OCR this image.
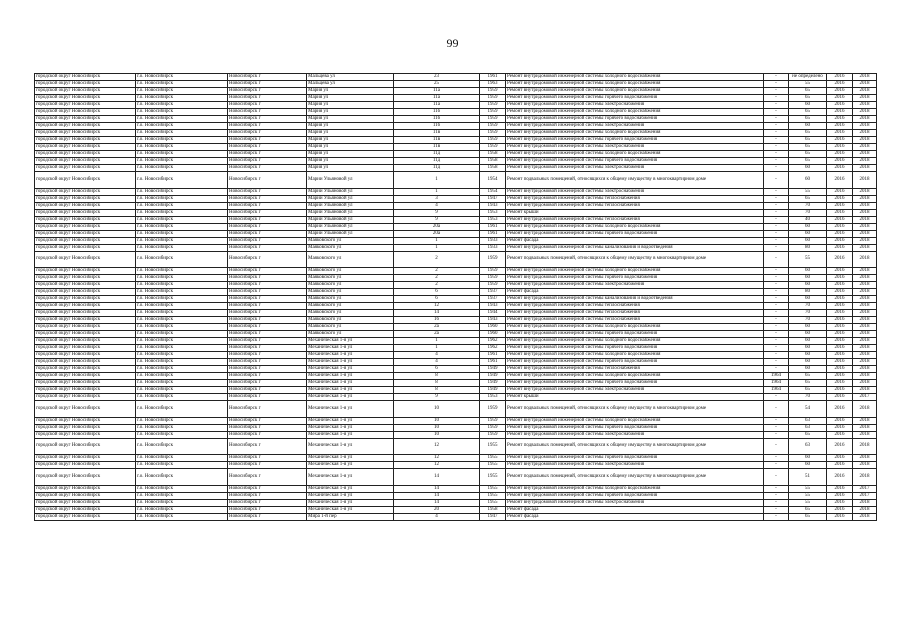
99
городской округ Новосибирск	г.о. Новосибирск	Новосибирск г	Мальцева ул	23	1961	Ремонт внутридомовой инженерной системы холодного водоснабжения	-	не определено	2016	2018
городской округ Новосибирск	г.о. Новосибирск	Новосибирск г	Мальцева ул	25	1963	Ремонт внутридомовой инженерной системы холодного водоснабжения	-	55	2016	2018
городской округ Новосибирск	г.о. Новосибирск	Новосибирск г	Мария ул	11а	1959	Ремонт внутридомовой инженерной системы холодного водоснабжения	-	65	2016	2018
городской округ Новосибирск	г.о. Новосибирск	Новосибирск г	Мария ул	11а	1959	Ремонт внутридомовой инженерной системы горячего водоснабжения	-	65	2016	2018
городской округ Новосибирск	г.о. Новосибирск	Новосибирск г	Мария ул	11а	1959	Ремонт внутридомовой инженерной системы электроснабжения	-	60	2016	2018
городской округ Новосибирск	г.о. Новосибирск	Новосибирск г	Мария ул	11б	1959	Ремонт внутридомовой инженерной системы холодного водоснабжения	-	65	2016	2018
городской округ Новосибирск	г.о. Новосибирск	Новосибирск г	Мария ул	11б	1959	Ремонт внутридомовой инженерной системы горячего водоснабжения	-	65	2016	2018
городской округ Новосибирск	г.о. Новосибирск	Новосибирск г	Мария ул	11б	1959	Ремонт внутридомовой инженерной системы электроснабжения	-	60	2016	2018
городской округ Новосибирск	г.о. Новосибирск	Новосибирск г	Мария ул	11в	1959	Ремонт внутридомовой инженерной системы холодного водоснабжения	-	65	2016	2018
городской округ Новосибирск	г.о. Новосибирск	Новосибирск г	Мария ул	11в	1959	Ремонт внутридомовой инженерной системы горячего водоснабжения	-	65	2016	2018
городской округ Новосибирск	г.о. Новосибирск	Новосибирск г	Мария ул	11в	1959	Ремонт внутридомовой инженерной системы электроснабжения	-	65	2016	2018
городской округ Новосибирск	г.о. Новосибирск	Новосибирск г	Мария ул	11д	1958	Ремонт внутридомовой инженерной системы холодного водоснабжения	-	65	2016	2018
городской округ Новосибирск	г.о. Новосибирск	Новосибирск г	Мария ул	11д	1958	Ремонт внутридомовой инженерной системы горячего водоснабжения	-	65	2016	2018
городской округ Новосибирск	г.о. Новосибирск	Новосибирск г	Мария ул	11д	1958	Ремонт внутридомовой инженерной системы электроснабжения	-	60	2016	2018
городской округ Новосибирск	г.о. Новосибирск	Новосибирск г	Марии Ульяновой ул	1	1954	Ремонт подвальных помещений, относящихся к общему имуществу в многоквартирном доме	-	60	2016	2018
городской округ Новосибирск	г.о. Новосибирск	Новосибирск г	Марии Ульяновой ул	1	1954	Ремонт внутридомовой инженерной системы электроснабжения	-	55	2016	2018
городской округ Новосибирск	г.о. Новосибирск	Новосибирск г	Марии Ульяновой ул	3	1947	Ремонт внутридомовой инженерной системы теплоснабжения	-	65	2016	2018
городской округ Новосибирск	г.о. Новосибирск	Новосибирск г	Марии Ульяновой ул	4	1943	Ремонт внутридомовой инженерной системы теплоснабжения	-	70	2016	2018
городской округ Новосибирск	г.о. Новосибирск	Новосибирск г	Марии Ульяновой ул	9	1953	Ремонт крыши	-	70	2016	2018
городской округ Новосибирск	г.о. Новосибирск	Новосибирск г	Марии Ульяновой ул	9	1953	Ремонт внутридомовой инженерной системы теплоснабжения	-	40	2016	2018
городской округ Новосибирск	г.о. Новосибирск	Новосибирск г	Марии Ульяновой ул	20а	1961	Ремонт внутридомовой инженерной системы холодного водоснабжения	-	60	2016	2018
городской округ Новосибирск	г.о. Новосибирск	Новосибирск г	Марии Ульяновой ул	20а	1961	Ремонт внутридомовой инженерной системы горячего водоснабжения	-	60	2016	2018
городской округ Новосибирск	г.о. Новосибирск	Новосибирск г	Маяковского ул	1	1933	Ремонт фасада	-	60	2016	2018
городской округ Новосибирск	г.о. Новосибирск	Новосибирск г	Маяковского ул	1	1933	Ремонт внутридомовой инженерной системы канализования и водоотведения	-	80	2016	2018
городской округ Новосибирск	г.о. Новосибирск	Новосибирск г	Маяковского ул	2	1959	Ремонт подвальных помещений, относящихся к общему имуществу в многоквартирном доме	-	55	2016	2018
городской округ Новосибирск	г.о. Новосибирск	Новосибирск г	Маяковского ул	2	1959	Ремонт внутридомовой инженерной системы холодного водоснабжения	-	60	2016	2018
городской округ Новосибирск	г.о. Новосибирск	Новосибирск г	Маяковского ул	2	1959	Ремонт внутридомовой инженерной системы горячего водоснабжения	-	60	2016	2018
городской округ Новосибирск	г.о. Новосибирск	Новосибирск г	Маяковского ул	2	1959	Ремонт внутридомовой инженерной системы электроснабжения	-	60	2016	2018
городской округ Новосибирск	г.о. Новосибирск	Новосибирск г	Маяковского ул	6	1937	Ремонт фасада	-	80	2016	2018
городской округ Новосибирск	г.о. Новосибирск	Новосибирск г	Маяковского ул	6	1937	Ремонт внутридомовой инженерной системы канализования и водоотведения	-	60	2016	2018
городской округ Новосибирск	г.о. Новосибирск	Новосибирск г	Маяковского ул	12	1943	Ремонт внутридомовой инженерной системы теплоснабжения	-	70	2016	2018
городской округ Новосибирск	г.о. Новосибирск	Новосибирск г	Маяковского ул	14	1944	Ремонт внутридомовой инженерной системы теплоснабжения	-	70	2016	2018
городской округ Новосибирск	г.о. Новосибирск	Новосибирск г	Маяковского ул	16	1943	Ремонт внутридомовой инженерной системы теплоснабжения	-	70	2016	2018
городской округ Новосибирск	г.о. Новосибирск	Новосибирск г	Маяковского ул	2а	1960	Ремонт внутридомовой инженерной системы холодного водоснабжения	-	60	2016	2018
городской округ Новосибирск	г.о. Новосибирск	Новосибирск г	Маяковского ул	2а	1960	Ремонт внутридомовой инженерной системы горячего водоснабжения	-	60	2016	2018
городской округ Новосибирск	г.о. Новосибирск	Новосибирск г	Механическая 1-я ул	1	1962	Ремонт внутридомовой инженерной системы холодного водоснабжения	-	60	2016	2018
городской округ Новосибирск	г.о. Новосибирск	Новосибирск г	Механическая 1-я ул	1	1962	Ремонт внутридомовой инженерной системы горячего водоснабжения	-	60	2016	2018
городской округ Новосибирск	г.о. Новосибирск	Новосибирск г	Механическая 1-я ул	4	1961	Ремонт внутридомовой инженерной системы холодного водоснабжения	-	60	2016	2018
городской округ Новосибирск	г.о. Новосибирск	Новосибирск г	Механическая 1-я ул	4	1961	Ремонт внутридомовой инженерной системы горячего водоснабжения	-	60	2016	2018
городской округ Новосибирск	г.о. Новосибирск	Новосибирск г	Механическая 1-я ул	6	1949	Ремонт внутридомовой инженерной системы теплоснабжения	-	60	2016	2018
городской округ Новосибирск	г.о. Новосибирск	Новосибирск г	Механическая 1-я ул	8	1949	Ремонт внутридомовой инженерной системы холодного водоснабжения	1964	65	2016	2018
городской округ Новосибирск	г.о. Новосибирск	Новосибирск г	Механическая 1-я ул	8	1949	Ремонт внутридомовой инженерной системы горячего водоснабжения	1964	65	2016	2018
городской округ Новосибирск	г.о. Новосибирск	Новосибирск г	Механическая 1-я ул	8	1949	Ремонт внутридомовой инженерной системы электроснабжения	1964	65	2016	2018
городской округ Новосибирск	г.о. Новосибирск	Новосибирск г	Механическая 1-я ул	9	1953	Ремонт крыши	-	70	2016	2017
городской округ Новосибирск	г.о. Новосибирск	Новосибирск г	Механическая 1-я ул	10	1959	Ремонт подвальных помещений, относящихся к общему имуществу в многоквартирном доме	-	54	2016	2018
городской округ Новосибирск	г.о. Новосибирск	Новосибирск г	Механическая 1-я ул	10	1959	Ремонт внутридомовой инженерной системы холодного водоснабжения	-	63	2016	2018
городской округ Новосибирск	г.о. Новосибирск	Новосибирск г	Механическая 1-я ул	10	1959	Ремонт внутридомовой инженерной системы горячего водоснабжения	-	63	2016	2018
городской округ Новосибирск	г.о. Новосибирск	Новосибирск г	Механическая 1-я ул	10	1959	Ремонт внутридомовой инженерной системы электроснабжения	-	65	2016	2018
городской округ Новосибирск	г.о. Новосибирск	Новосибирск г	Механическая 1-я ул	12	1955	Ремонт подвальных помещений, относящихся к общему имуществу в многоквартирном доме	-	63	2016	2018
городской округ Новосибирск	г.о. Новосибирск	Новосибирск г	Механическая 1-я ул	12	1955	Ремонт внутридомовой инженерной системы горячего водоснабжения	-	60	2016	2018
городской округ Новосибирск	г.о. Новосибирск	Новосибирск г	Механическая 1-я ул	12	1955	Ремонт внутридомовой инженерной системы электроснабжения	-	60	2016	2018
городской округ Новосибирск	г.о. Новосибирск	Новосибирск г	Механическая 1-я ул	14	1955	Ремонт подвальных помещений, относящихся к общему имуществу в многоквартирном доме	-	51	2016	2018
городской округ Новосибирск	г.о. Новосибирск	Новосибирск г	Механическая 1-я ул	14	1955	Ремонт внутридомовой инженерной системы холодного водоснабжения	-	55	2016	2017
городской округ Новосибирск	г.о. Новосибирск	Новосибирск г	Механическая 1-я ул	14	1955	Ремонт внутридомовой инженерной системы горячего водоснабжения	-	55	2016	2017
городской округ Новосибирск	г.о. Новосибирск	Новосибирск г	Механическая 1-я ул	14	1955	Ремонт внутридомовой инженерной системы электроснабжения	-	55	2016	2018
городской округ Новосибирск	г.о. Новосибирск	Новосибирск г	Механическая 1-я ул	20	1958	Ремонт фасада	-	65	2016	2018
городской округ Новосибирск	г.о. Новосибирск	Новосибирск г	Мира 1-й пер	4	1947	Ремонт фасада	-	65	2016	2018
